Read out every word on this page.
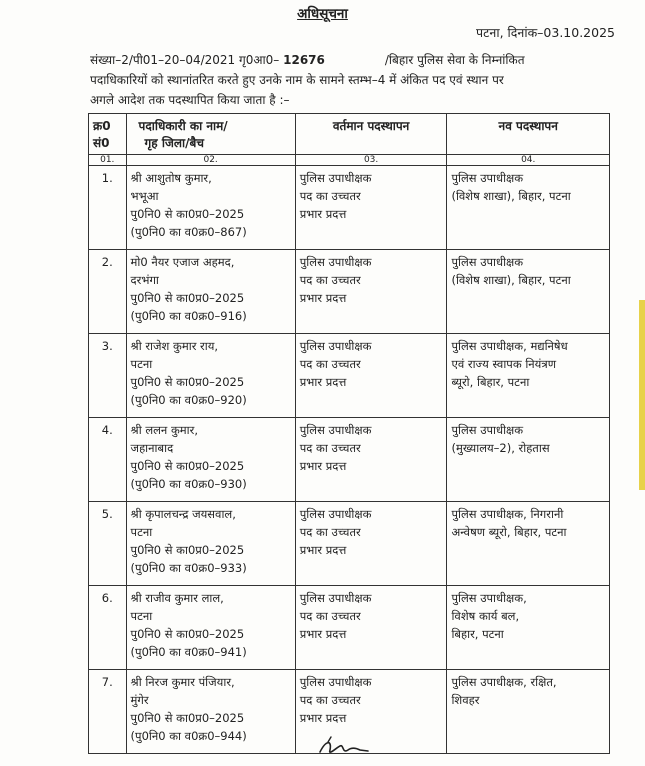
अधिसूचना
पटना, दिनांक–03.10.2025
संख्या–2/पी01–20–04/2021 गृ0आ0– 12676	/बिहार पुलिस सेवा के निम्नांकित
पदाधिकारियों को स्थानांतरित करते हुए उनके नाम के सामने स्तम्भ–4 में अंकित पद एवं स्थान पर
अगले आदेश तक पदस्थापित किया जाता है :–
क्र0
सं0	पदाधिकारी का नाम/
गृह जिला/बैच	वर्तमान पदस्थापन	नव पदस्थापन
01.	02.	03.	04.
1.	श्री आशुतोष कुमार,
भभूआ
पु0नि0 से का0प्र0–2025
(पु0नि0 का व0क्र0–867)	पुलिस उपाधीक्षक
पद का उच्चतर
प्रभार प्रदत्त	पुलिस उपाधीक्षक
(विशेष शाखा), बिहार, पटना

2.	मो0 नैयर एजाज अहमद,
दरभंगा
पु0नि0 से का0प्र0–2025
(पु0नि0 का व0क्र0–916)	पुलिस उपाधीक्षक
पद का उच्चतर
प्रभार प्रदत्त	पुलिस उपाधीक्षक
(विशेष शाखा), बिहार, पटना

3.	श्री राजेश कुमार राय,
पटना
पु0नि0 से का0प्र0–2025
(पु0नि0 का व0क्र0–920)	पुलिस उपाधीक्षक
पद का उच्चतर
प्रभार प्रदत्त	पुलिस उपाधीक्षक, मद्यनिषेध
एवं राज्य स्वापक नियंत्रण
ब्यूरो, बिहार, पटना

4.	श्री ललन कुमार,
जहानाबाद
पु0नि0 से का0प्र0–2025
(पु0नि0 का व0क्र0–930)	पुलिस उपाधीक्षक
पद का उच्चतर
प्रभार प्रदत्त	पुलिस उपाधीक्षक
(मुख्यालय–2), रोहतास

5.	श्री कृपालचन्द्र जयसवाल,
पटना
पु0नि0 से का0प्र0–2025
(पु0नि0 का व0क्र0–933)	पुलिस उपाधीक्षक
पद का उच्चतर
प्रभार प्रदत्त	पुलिस उपाधीक्षक, निगरानी
अन्वेषण ब्यूरो, बिहार, पटना

6.	श्री राजीव कुमार लाल,
पटना
पु0नि0 से का0प्र0–2025
(पु0नि0 का व0क्र0–941)	पुलिस उपाधीक्षक
पद का उच्चतर
प्रभार प्रदत्त	पुलिस उपाधीक्षक,
विशेष कार्य बल,
बिहार, पटना

7.	श्री निरज कुमार पंजियार,
मुंगेर
पु0नि0 से का0प्र0–2025
(पु0नि0 का व0क्र0–944)	पुलिस उपाधीक्षक
पद का उच्चतर
प्रभार प्रदत्त	पुलिस उपाधीक्षक, रक्षित,
शिवहर
